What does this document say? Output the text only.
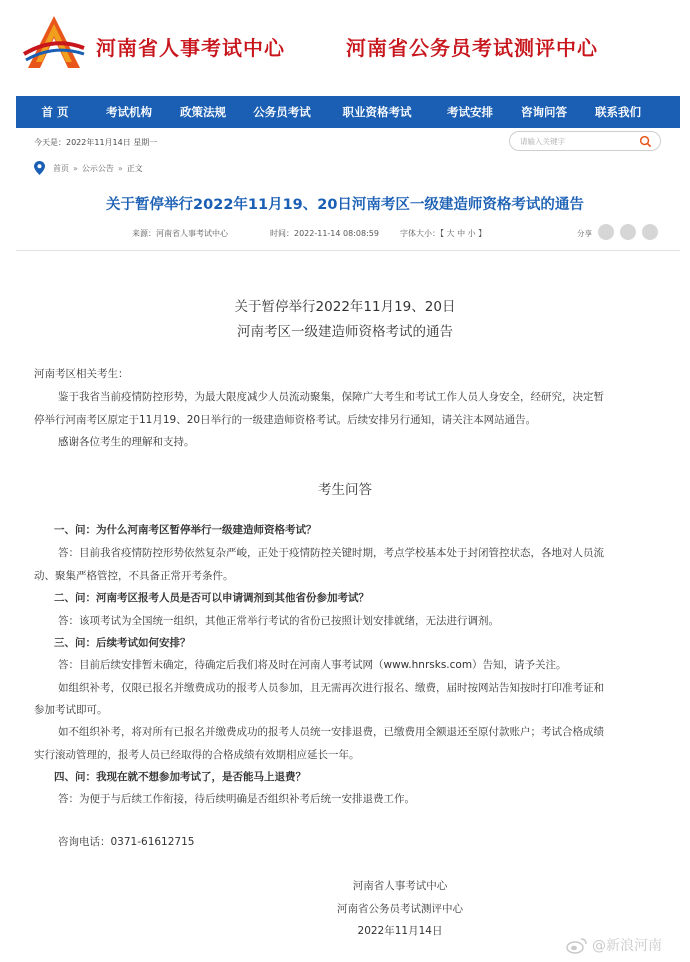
河南省人事考试中心	河南省公务员考试测评中心
首 页	考试机构	政策法规	公务员考试	职业资格考试	考试安排	咨询问答	联系我们
今天是：2022年11月14日 星期一
请输入关键字
首页 » 公示公告 » 正文
关于暂停举行2022年11月19、20日河南考区一级建造师资格考试的通告
来源：河南省人事考试中心	时间：2022-11-14 08:08:59	字体大小：【 大 中 小 】	分享
关于暂停举行2022年11月19、20日
河南考区一级建造师资格考试的通告
河南考区相关考生：
鉴于我省当前疫情防控形势，为最大限度减少人员流动聚集，保障广大考生和考试工作人员人身安全，经研究，决定暂
停举行河南考区原定于11月19、20日举行的一级建造师资格考试。后续安排另行通知，请关注本网站通告。
感谢各位考生的理解和支持。
考生问答
一、问：为什么河南考区暂停举行一级建造师资格考试？
答：目前我省疫情防控形势依然复杂严峻，正处于疫情防控关键时期，考点学校基本处于封闭管控状态，各地对人员流
动、聚集严格管控，不具备正常开考条件。
二、问：河南考区报考人员是否可以申请调剂到其他省份参加考试？
答：该项考试为全国统一组织，其他正常举行考试的省份已按照计划安排就绪，无法进行调剂。
三、问：后续考试如何安排？
答：目前后续安排暂未确定，待确定后我们将及时在河南人事考试网（www.hnrsks.com）告知，请予关注。
如组织补考，仅限已报名并缴费成功的报考人员参加，且无需再次进行报名、缴费，届时按网站告知按时打印准考证和
参加考试即可。
如不组织补考，将对所有已报名并缴费成功的报考人员统一安排退费，已缴费用全额退还至原付款账户；考试合格成绩
实行滚动管理的，报考人员已经取得的合格成绩有效期相应延长一年。
四、问：我现在就不想参加考试了，是否能马上退费？
答：为便于与后续工作衔接，待后续明确是否组织补考后统一安排退费工作。
咨询电话：0371-61612715
河南省人事考试中心
河南省公务员考试测评中心
2022年11月14日
@新浪河南
